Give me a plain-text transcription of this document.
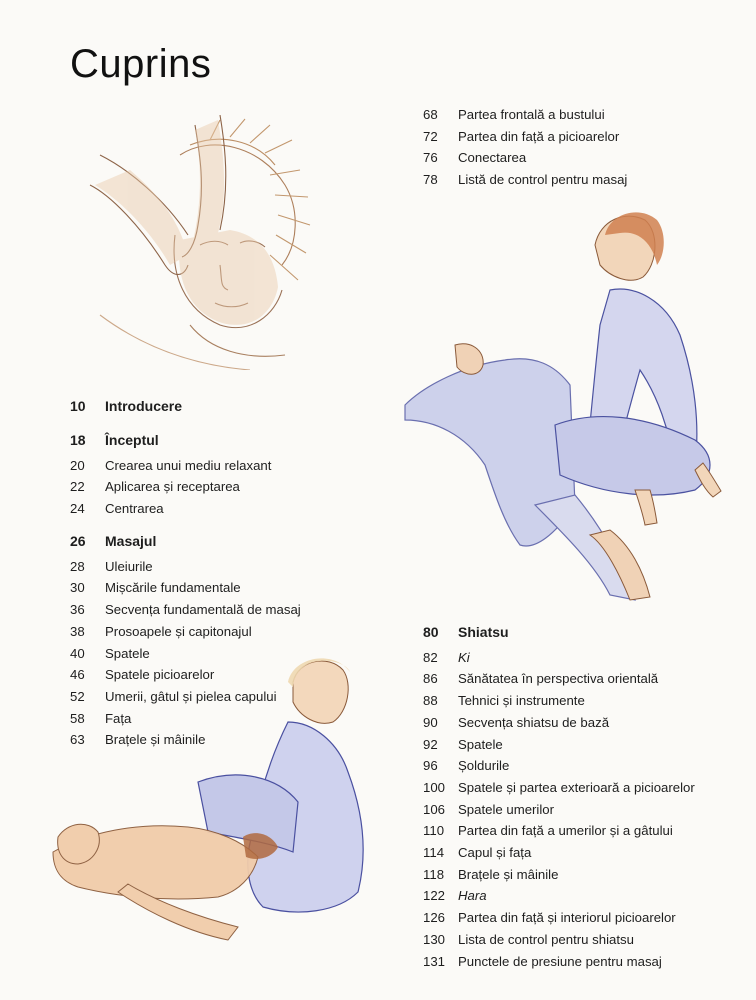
Cuprins
68	Partea frontală a bustului
72	Partea din față a picioarelor
76	Conectarea
78	Listă de control pentru masaj
10	Introducere
18	Începtul
20	Crearea unui mediu relaxant
22	Aplicarea și receptarea
24	Centrarea
26	Masajul
28	Uleiurile
30	Mișcările fundamentale
36	Secvența fundamentală de masaj
38	Prosoapele și capitonajul
40	Spatele
46	Spatele picioarelor
52	Umerii, gâtul și pielea capului
58	Fața
63	Brațele și mâinile
80	Shiatsu
82	Ki
86	Sănătatea în perspectiva orientală
88	Tehnici și instrumente
90	Secvența shiatsu de bază
92	Spatele
96	Șoldurile
100 Spatele și partea exterioară a picioarelor
106 Spatele umerilor
110	Partea din față a umerilor și a gâtului
114	Capul și fața
118	Brațele și mâinile
122 Hara
126 Partea din față și interiorul picioarelor
130 Lista de control pentru shiatsu
131 Punctele de presiune pentru masaj
